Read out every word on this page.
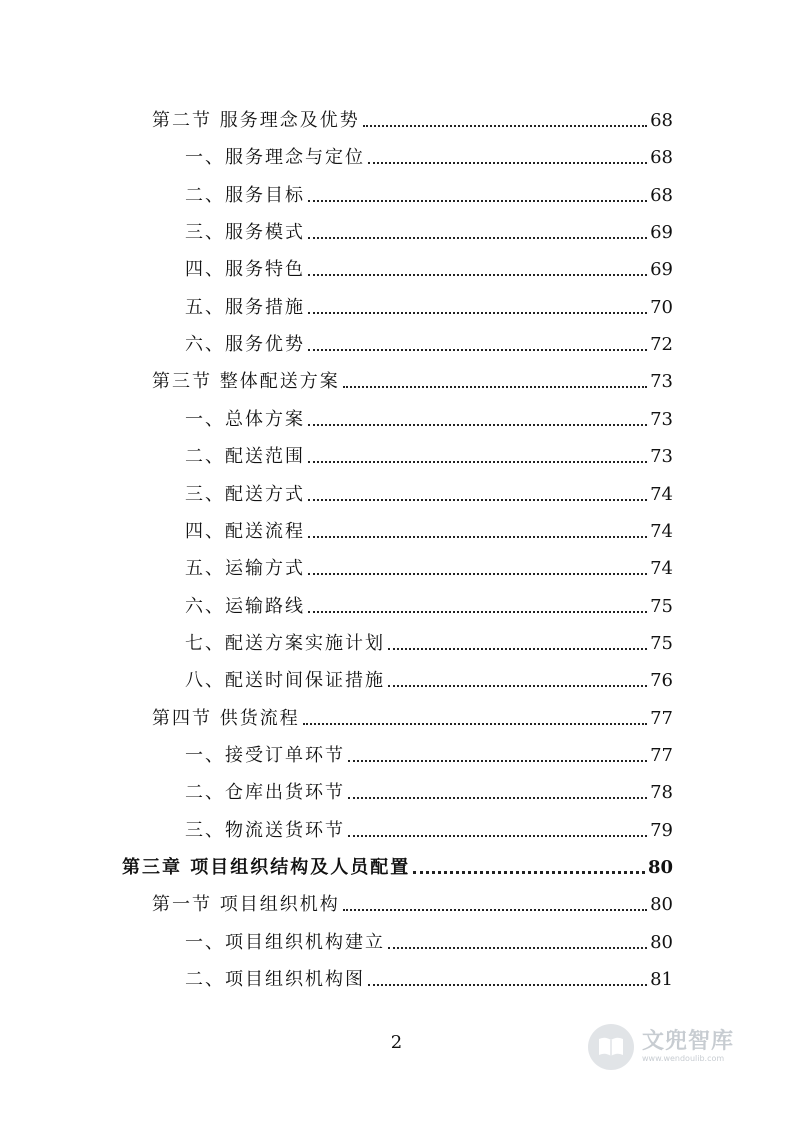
第二节 服务理念及优势	68
一、服务理念与定位	68
二、服务目标	68
三、服务模式	69
四、服务特色	69
五、服务措施	70
六、服务优势	72
第三节 整体配送方案	73
一、总体方案	73
二、配送范围	73
三、配送方式	74
四、配送流程	74
五、运输方式	74
六、运输路线	75
七、配送方案实施计划	75
八、配送时间保证措施	76
第四节 供货流程	77
一、接受订单环节	77
二、仓库出货环节	78
三、物流送货环节	79
第三章 项目组织结构及人员配置	80
第一节 项目组织机构	80
一、项目组织机构建立	80
二、项目组织机构图	81
2	文兜智库
www.wendoulib.com
